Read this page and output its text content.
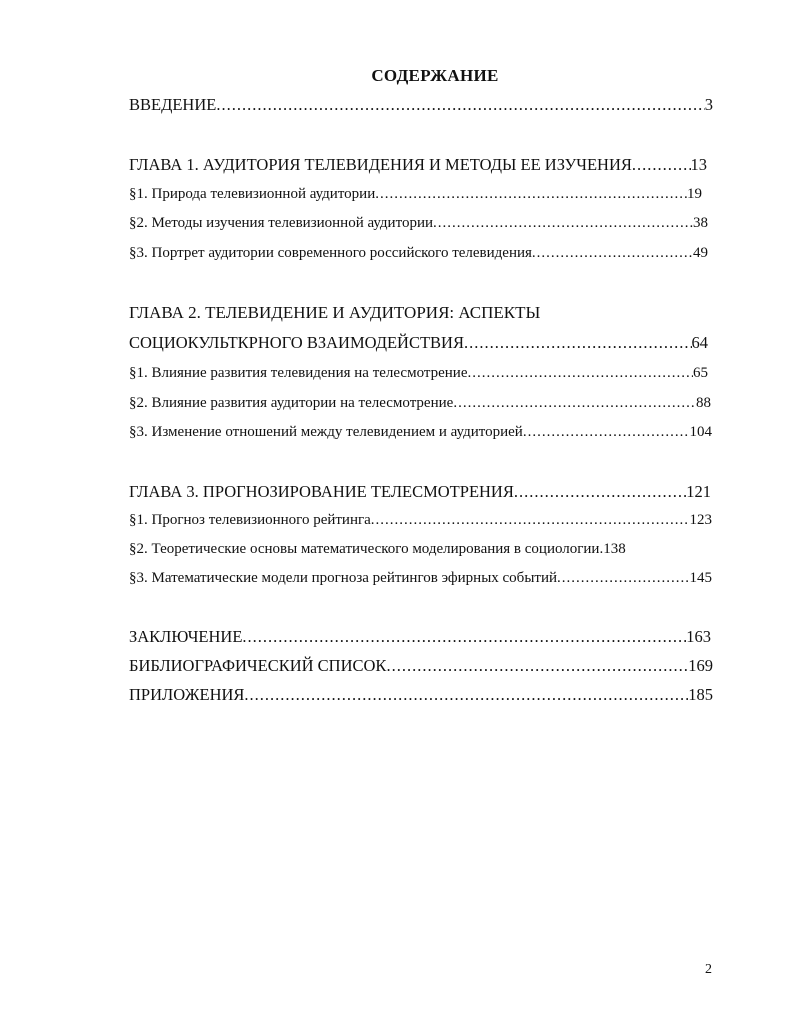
СОДЕРЖАНИЕ
ВВЕДЕНИЕ .....	3
ГЛАВА 1. АУДИТОРИЯ ТЕЛЕВИДЕНИЯ И МЕТОДЫ ЕЕ ИЗУЧЕНИЯ .....	13
§1. Природа телевизионной аудитории .....	19
§2. Методы изучения телевизионной аудитории .....	38
§3. Портрет аудитории современного российского телевидения .....	49
ГЛАВА 2. ТЕЛЕВИДЕНИЕ И АУДИТОРИЯ: АСПЕКТЫ
СОЦИОКУЛЬТКРНОГО ВЗАИМОДЕЙСТВИЯ .....	64
§1. Влияние развития телевидения на телесмотрение .....	65
§2. Влияние развития аудитории на телесмотрение .....	88
§3. Изменение отношений между телевидением и аудиторией .....	104
ГЛАВА 3. ПРОГНОЗИРОВАНИЕ ТЕЛЕСМОТРЕНИЯ .....	121
§1. Прогноз телевизионного рейтинга .....	123
§2. Теоретические основы математического моделирования в социологии. 138
§3. Математические модели прогноза рейтингов эфирных событий .....	145
ЗАКЛЮЧЕНИЕ .....	163
БИБЛИОГРАФИЧЕСКИЙ СПИСОК .....	169
ПРИЛОЖЕНИЯ .....	185
2
